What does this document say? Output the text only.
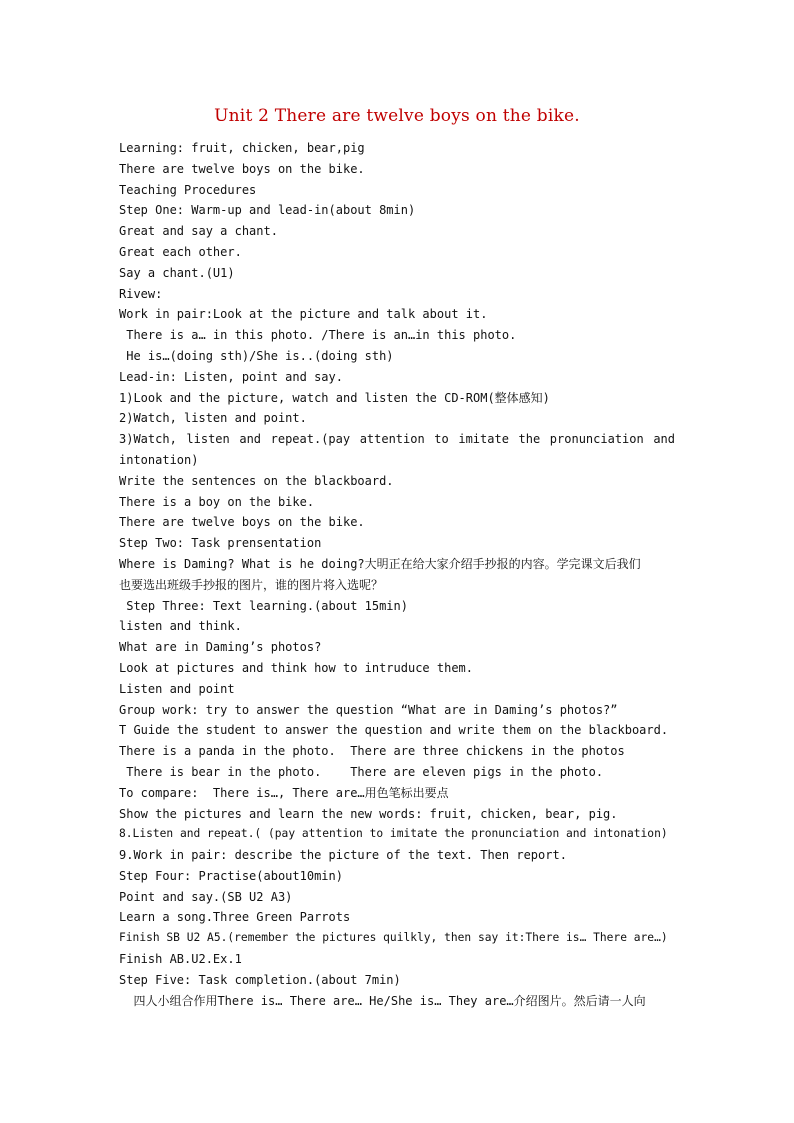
Unit 2 There are twelve boys on the bike.

Learning: fruit, chicken, bear,pig

There are twelve boys on the bike.

Teaching Procedures

Step One: Warm-up and lead-in(about 8min)

Great and say a chant.

Great each other.

Say a chant.(U1)

Rivew:

Work in pair:Look at the picture and talk about it.

There is a… in this photo. /There is an…in this photo.

He is…(doing sth)/She is..(doing sth)

Lead-in: Listen, point and say.

1)Look and the picture, watch and listen the CD-ROM(整体感知)

2)Watch, listen and point.

3)Watch, listen and repeat.(pay attention to imitate the pronunciation and

intonation)

Write the sentences on the blackboard.

There is a boy on the bike.

There are twelve boys on the bike.

Step Two: Task prensentation

Where is Daming? What is he doing?大明正在给大家介绍手抄报的内容。学完课文后我们

也要选出班级手抄报的图片，谁的图片将入选呢？

Step Three: Text learning.(about 15min)

listen and think.

What are in Daming’s photos?

Look at pictures and think how to intruduce them.

Listen and point

Group work: try to answer the question “What are in Daming’s photos?”

T Guide the student to answer the question and write them on the blackboard.

There is a panda in the photo.  There are three chickens in the photos

There is bear in the photo.    There are eleven pigs in the photo.

To compare:  There is…, There are…用色笔标出要点

Show the pictures and learn the new words: fruit, chicken, bear, pig.

8.Listen and repeat.( (pay attention to imitate the pronunciation and intonation)

9.Work in pair: describe the picture of the text. Then report.

Step Four: Practise(about10min)

Point and say.(SB U2 A3)

Learn a song.Three Green Parrots

Finish SB U2 A5.(remember the pictures quilkly, then say it:There is… There are…)

Finish AB.U2.Ex.1

Step Five: Task completion.(about 7min)

四人小组合作用There is… There are… He/She is… They are…介绍图片。然后请一人向
